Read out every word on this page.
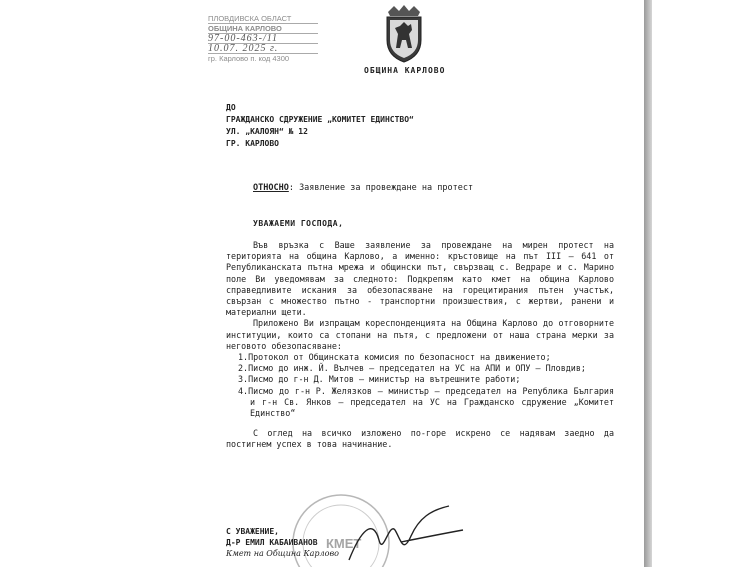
ПЛОВДИВСКА ОБЛАСТ
ОБЩИНА КАРЛОВО
97-00-463-/11
10.07. 2025 г.
гр. Карлово п. код 4300
ОБЩИНА КАРЛОВО
ДО
ГРАЖДАНСКО СДРУЖЕНИЕ „КОМИТЕТ ЕДИНСТВО“
УЛ. „КАЛОЯН“ № 12
ГР. КАРЛОВО
ОТНОСНО: Заявление за провеждане на протест
УВАЖАЕМИ ГОСПОДА,

Във връзка с Ваше заявление за провеждане на мирен протест на територията на община Карлово, а именно: кръстовище на път III – 641 от Републиканската пътна мрежа и общински път, свързващ с. Ведраре и с. Марино поле Ви уведомявам за следното: Подкрепям като кмет на община Карлово справедливите искания за обезопасяване на горецитирания пътен участък, свързан с множество пътно - транспортни произшествия, с жертви, ранени и материални щети.

Приложено Ви изпращам кореспонденцията на Община Карлово до отговорните институции, които са стопани на пътя, с предложени от наша страна мерки за неговото обезопасяване:

1.Протокол от Общинската комисия по безопасност на движението;
2.Писмо до инж. Й. Вълчев – председател на УС на АПИ и ОПУ – Пловдив;
3.Писмо до г-н Д. Митов – министър на вътрешните работи;
4.Писмо до г-н Р. Желязков – министър – председател на Република България и г-н Св. Янков – председател на УС на Гражданско сдружение „Комитет Единство“

С оглед на всичко изложено по-горе искрено се надявам заедно да постигнем успех в това начинание.

КМЕТ
С УВАЖЕНИЕ,
Д-Р ЕМИЛ КАБАИВАНОВ
Кмет на Община Карлово
